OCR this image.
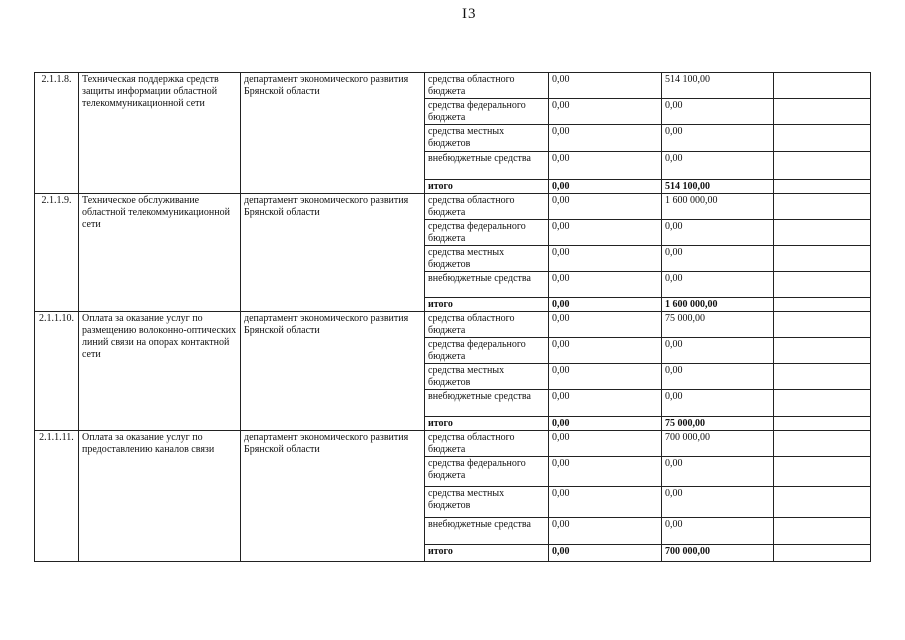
I3
2.1.1.8.	Техническая поддержка средств защиты информации областной телекоммуникационной сети	департамент экономического развития Брянской области	средства областного бюджета	0,00	514 100,00	
			средства федерального бюджета	0,00	0,00	
			средства местных бюджетов	0,00	0,00	
			внебюджетные средства	0,00	0,00	
			итого	0,00	514 100,00	
2.1.1.9.	Техническое обслуживание областной телекоммуникационной сети	департамент экономического развития Брянской области	средства областного бюджета	0,00	1 600 000,00	
			средства федерального бюджета	0,00	0,00	
			средства местных бюджетов	0,00	0,00	
			внебюджетные средства	0,00	0,00	
			итого	0,00	1 600 000,00	
2.1.1.10.	Оплата за оказание услуг по размещению волоконно-оптических линий связи на опорах контактной сети	департамент экономического развития Брянской области	средства областного бюджета	0,00	75 000,00	
			средства федерального бюджета	0,00	0,00	
			средства местных бюджетов	0,00	0,00	
			внебюджетные средства	0,00	0,00	
			итого	0,00	75 000,00	
2.1.1.11.	Оплата за оказание услуг по предоставлению каналов связи	департамент экономического развития Брянской области	средства областного бюджета	0,00	700 000,00	
			средства федерального бюджета	0,00	0,00	
			средства местных бюджетов	0,00	0,00	
			внебюджетные средства	0,00	0,00	
			итого	0,00	700 000,00	
